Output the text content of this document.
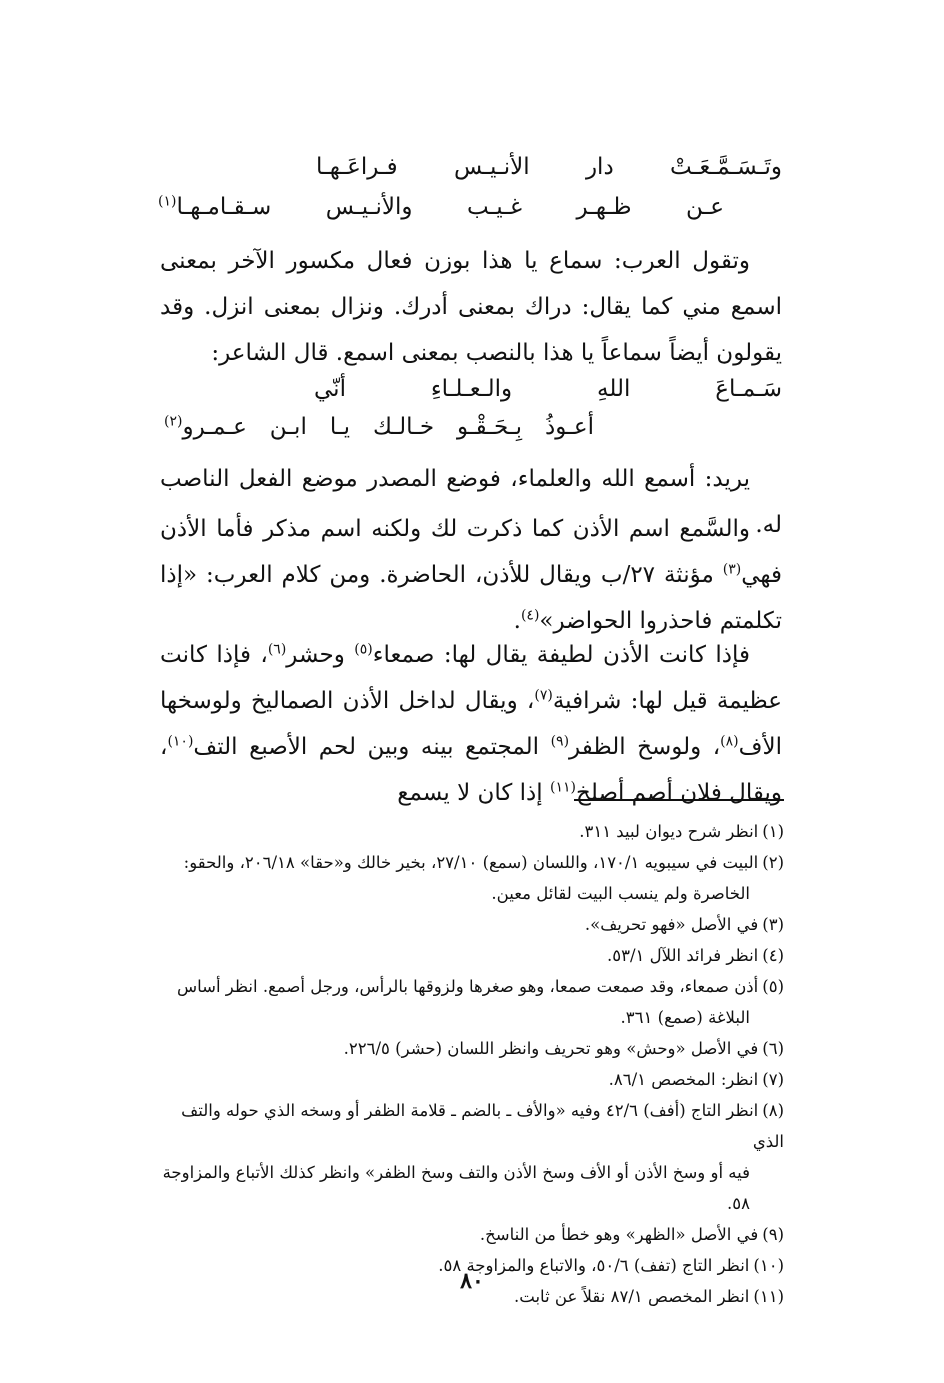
وتَـسَـمَّـعَـتْ
دار
الأنـيـس
فـراعَـهـا
عـن
ظـهـر
غـيـب
والأنـيـس
سـقـامـهـا$^{(١)}$
وتقول العرب: سماع يا هذا بوزن فعال مكسور الآخر بمعنى اسمع مني كما يقال: دراك بمعنى أدرك. ونزال بمعنى انزل. وقد يقولون أيضاً سماعاً يا هذا بالنصب بمعنى اسمع. قال الشاعر:
سَـمـاعَ
اللهِ
والـعـلـاءِ
أنّي
أعـوذُ
بِـحَـقْـو
خـالـك
يـا
ابـن
عـمـرو$^{(٢)}$
يريد: أسمع الله والعلماء، فوضع المصدر موضع الفعل الناصب له.
والسَّمع اسم الأذن كما ذكرت لك ولكنه اسم مذكر فأما الأذن فهي$^{(٣)}$ مؤنثة ٢٧/ب ويقال للأذن، الحاضرة. ومن كلام العرب: «إذا تكلمتم فاحذروا الحواضر»$^{(٤)}$.
فإذا كانت الأذن لطيفة يقال لها: صمعاء$^{(٥)}$ وحشر$^{(٦)}$، فإذا كانت عظيمة قيل لها: شرافية$^{(٧)}$، ويقال لداخل الأذن الصماليخ ولوسخها الأف$^{(٨)}$، ولوسخ الظفر$^{(٩)}$ المجتمع بينه وبين لحم الأصبع التف$^{(١٠)}$، ويقال فلان أصم أصلخ$^{(١١)}$ إذا كان لا يسمع

(١)انظر شرح ديوان لبيد ٣١١.

(٢)البيت في سيبويه ١٧٠/١، واللسان (سمع) ٢٧/١٠، بخير خالك و«حقا» ٢٠٦/١٨، والحقو:
الخاصرة ولم ينسب البيت لقائل معين.

(٣)في الأصل «فهو تحريف».

(٤)انظر فرائد اللآل ٥٣/١.

(٥)أذن صمعاء، وقد صمعت صمعا، وهو صغرها ولزوقها بالرأس، ورجل أصمع. انظر أساس
البلاغة (صمع) ٣٦١.

(٦)في الأصل «وحش» وهو تحريف وانظر اللسان (حشر) ٢٢٦/٥.

(٧)انظر: المخصص ٨٦/١.

(٨)انظر التاج (أفف) ٤٢/٦ وفيه «والأف ـ بالضم ـ قلامة الظفر أو وسخه الذي حوله والتف الذي
فيه أو وسخ الأذن أو الأف وسخ الأذن والتف وسخ الظفر» وانظر كذلك الأتباع والمزاوجة ٥٨.

(٩)في الأصل «الظهر» وهو خطأ من الناسخ.

(١٠)انظر التاج (تفف) ٥٠/٦، والاتباع والمزاوجة ٥٨.

(١١)انظر المخصص ٨٧/١ نقلاً عن ثابت.

٨٠
